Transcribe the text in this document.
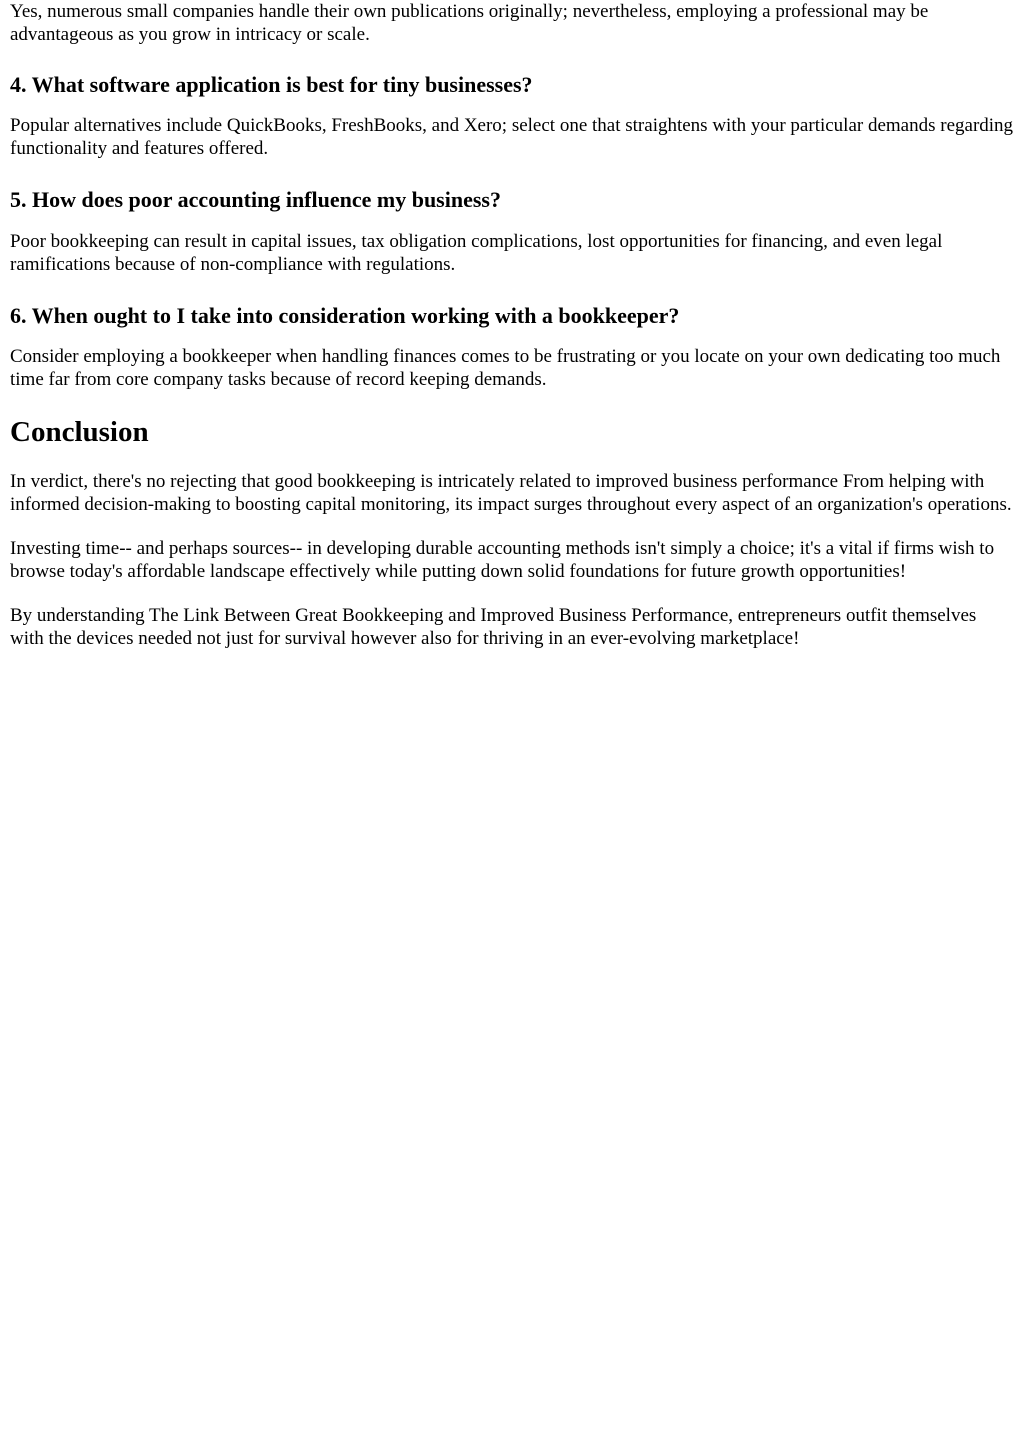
Yes, numerous small companies handle their own publications originally; nevertheless, employing a professional may be advantageous as you grow in intricacy or scale.

4. What software application is best for tiny businesses?

Popular alternatives include QuickBooks, FreshBooks, and Xero; select one that straightens with your particular demands regarding functionality and features offered.

5. How does poor accounting influence my business?

Poor bookkeeping can result in capital issues, tax obligation complications, lost opportunities for financing, and even legal ramifications because of non-compliance with regulations.

6. When ought to I take into consideration working with a bookkeeper?

Consider employing a bookkeeper when handling finances comes to be frustrating or you locate on your own dedicating too much time far from core company tasks because of record keeping demands.

Conclusion

In verdict, there's no rejecting that good bookkeeping is intricately related to improved business performance From helping with informed decision-making to boosting capital monitoring, its impact surges throughout every aspect of an organization's operations.

Investing time-- and perhaps sources-- in developing durable accounting methods isn't simply a choice; it's a vital if firms wish to browse today's affordable landscape effectively while putting down solid foundations for future growth opportunities!

By understanding The Link Between Great Bookkeeping and Improved Business Performance, entrepreneurs outfit themselves with the devices needed not just for survival however also for thriving in an ever-evolving marketplace!
